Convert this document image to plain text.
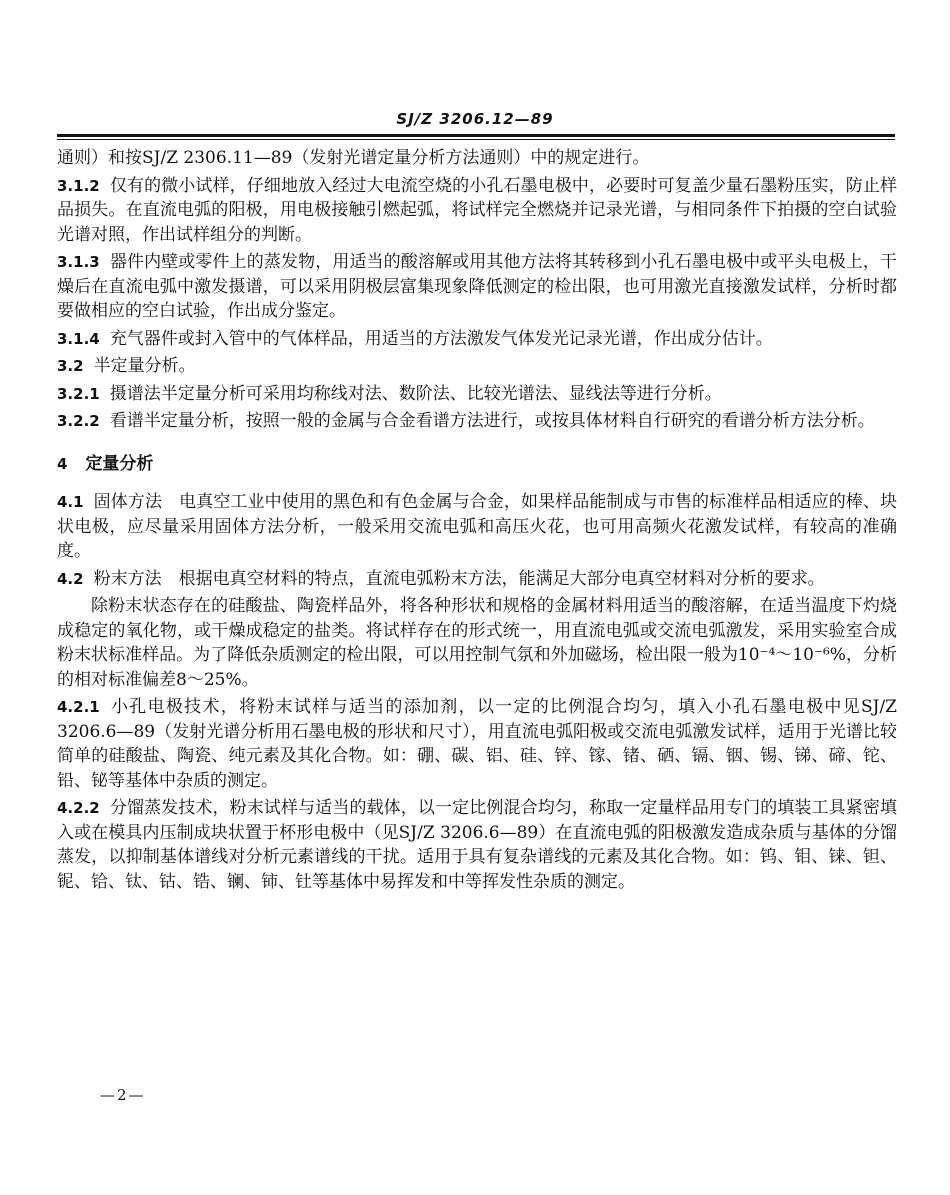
SJ/Z 3206.12—89

通则）和按SJ/Z 2306.11—89（发射光谱定量分析方法通则）中的规定进行。

3.1.2 仅有的微小试样，仔细地放入经过大电流空烧的小孔石墨电极中，必要时可复盖少量石墨粉压实，防止样品损失。在直流电弧的阳极，用电极接触引燃起弧，将试样完全燃烧并记录光谱，与相同条件下拍摄的空白试验光谱对照，作出试样组分的判断。

3.1.3 器件内壁或零件上的蒸发物，用适当的酸溶解或用其他方法将其转移到小孔石墨电极中或平头电极上，干燥后在直流电弧中激发摄谱，可以采用阴极层富集现象降低测定的检出限，也可用激光直接激发试样，分析时都要做相应的空白试验，作出成分鉴定。

3.1.4 充气器件或封入管中的气体样品，用适当的方法激发气体发光记录光谱，作出成分估计。

3.2 半定量分析。

3.2.1 摄谱法半定量分析可采用均称线对法、数阶法、比较光谱法、显线法等进行分析。

3.2.2 看谱半定量分析，按照一般的金属与合金看谱方法进行，或按具体材料自行研究的看谱分析方法分析。

4 定量分析

4.1 固体方法　电真空工业中使用的黑色和有色金属与合金，如果样品能制成与市售的标准样品相适应的棒、块状电极，应尽量采用固体方法分析，一般采用交流电弧和高压火花，也可用高频火花激发试样，有较高的准确度。

4.2 粉末方法　根据电真空材料的特点，直流电弧粉末方法，能满足大部分电真空材料对分析的要求。

除粉末状态存在的硅酸盐、陶瓷样品外，将各种形状和规格的金属材料用适当的酸溶解，在适当温度下灼烧成稳定的氧化物，或干燥成稳定的盐类。将试样存在的形式统一，用直流电弧或交流电弧激发，采用实验室合成粉末状标准样品。为了降低杂质测定的检出限，可以用控制气氛和外加磁场，检出限一般为10⁻⁴～10⁻⁶%，分析的相对标准偏差8～25%。

4.2.1 小孔电极技术，将粉末试样与适当的添加剂，以一定的比例混合均匀，填入小孔石墨电极中见SJ/Z 3206.6—89（发射光谱分析用石墨电极的形状和尺寸），用直流电弧阳极或交流电弧激发试样，适用于光谱比较简单的硅酸盐、陶瓷、纯元素及其化合物。如：硼、碳、铝、硅、锌、镓、锗、硒、镉、铟、锡、锑、碲、铊、铅、铋等基体中杂质的测定。

4.2.2 分馏蒸发技术，粉末试样与适当的载体，以一定比例混合均匀，称取一定量样品用专门的填装工具紧密填入或在模具内压制成块状置于杯形电极中（见SJ/Z 3206.6—89）在直流电弧的阳极激发造成杂质与基体的分馏蒸发，以抑制基体谱线对分析元素谱线的干扰。适用于具有复杂谱线的元素及其化合物。如：钨、钼、铼、钽、铌、铪、钛、钴、锆、镧、铈、钍等基体中易挥发和中等挥发性杂质的测定。

—2—
